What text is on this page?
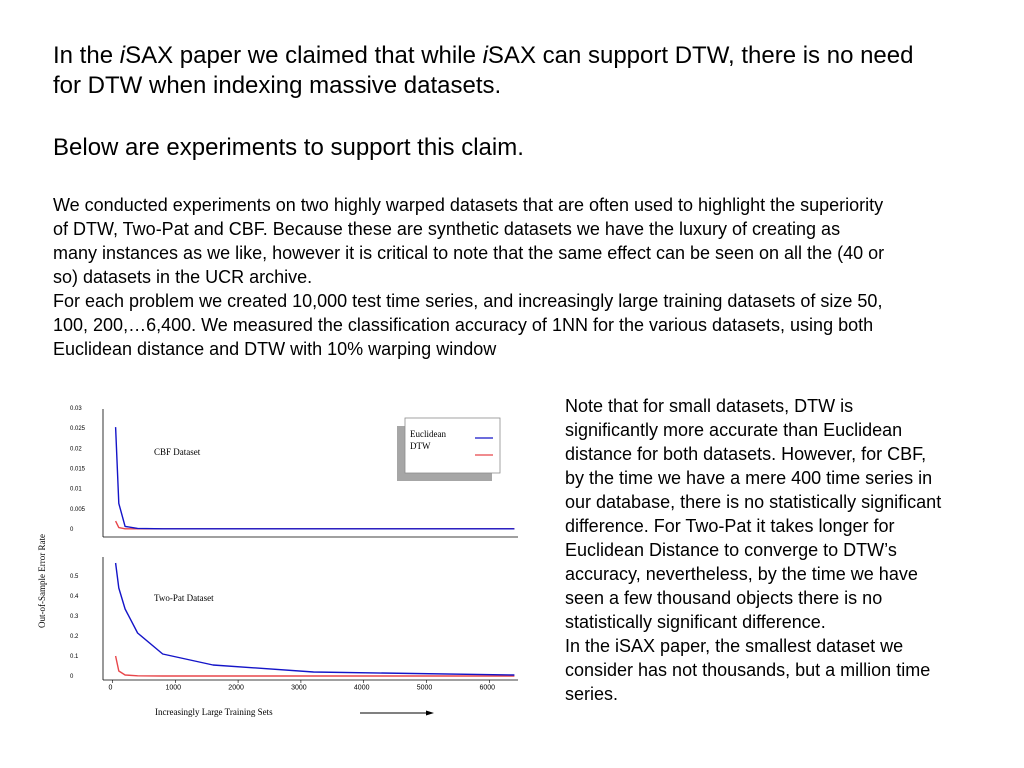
In the iSAX paper we claimed that while iSAX can support DTW, there is no need
for DTW when indexing massive datasets.
Below are experiments to support this claim.
We conducted experiments on two highly warped datasets that are often used to highlight the superiority
of DTW, Two-Pat and CBF. Because these are synthetic datasets we have the luxury of creating as
many instances as we like, however it is critical to note that the same effect can be seen on all the (40 or
so) datasets in the UCR archive.
For each problem we created 10,000 test time series, and increasingly large training datasets of size 50,
100, 200,…6,400. We measured the classification accuracy of 1NN for the various datasets, using both
Euclidean distance and DTW with 10% warping window
Note that for small datasets, DTW is
significantly more accurate than Euclidean
distance for both datasets. However, for CBF,
by the time we have a mere 400 time series in
our database, there is no statistically significant
difference. For Two-Pat it takes longer for
Euclidean Distance to converge to DTW’s
accuracy, nevertheless, by the time we have
seen a few thousand objects there is no
statistically significant difference.
In the iSAX paper, the smallest dataset we
consider has not thousands, but a million time
series.
0.03
0.025
0.02
0.015
0.01
0.005
0
CBF Dataset
0.5
0.4
0.3
0.2
0.1
0
0	1000	2000	3000	4000	5000	6000
Two-Pat Dataset
Euclidean
DTW
Out-of-Sample Error Rate
Increasingly Large Training Sets
